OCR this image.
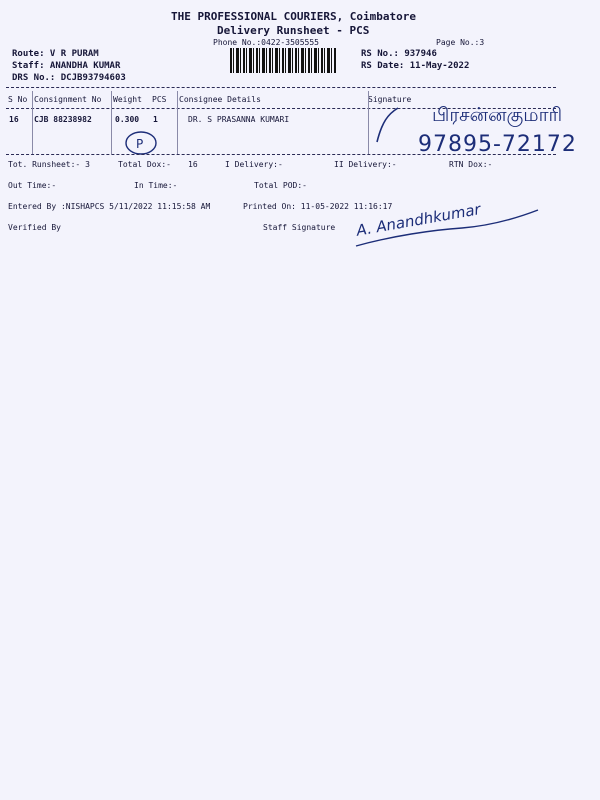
THE PROFESSIONAL COURIERS, Coimbatore
Delivery Runsheet - PCS
Phone No.:0422-3505555	Page No.:3
Route: V R PURAM
Staff: ANANDHA KUMAR
DRS No.: DCJB93794603
RS No.: 937946
RS Date: 11-May-2022
S No Consignment No Weight PCS Consignee Details	Signature
16 CJB 88238982	0.300 1	DR. S PRASANNA KUMARI
P
பிரசன்னகுமாரி
97895-72172
Tot. Runsheet:- 3	Total Dox:- 16	I Delivery:-	II Delivery:-	RTN Dox:-
Out Time:-	In Time:-	Total POD:-
Entered By :NISHAPCS 5/11/2022 11:15:58 AM	Printed On: 11-05-2022 11:16:17
Verified By	Staff Signature A. Anandhkumar
